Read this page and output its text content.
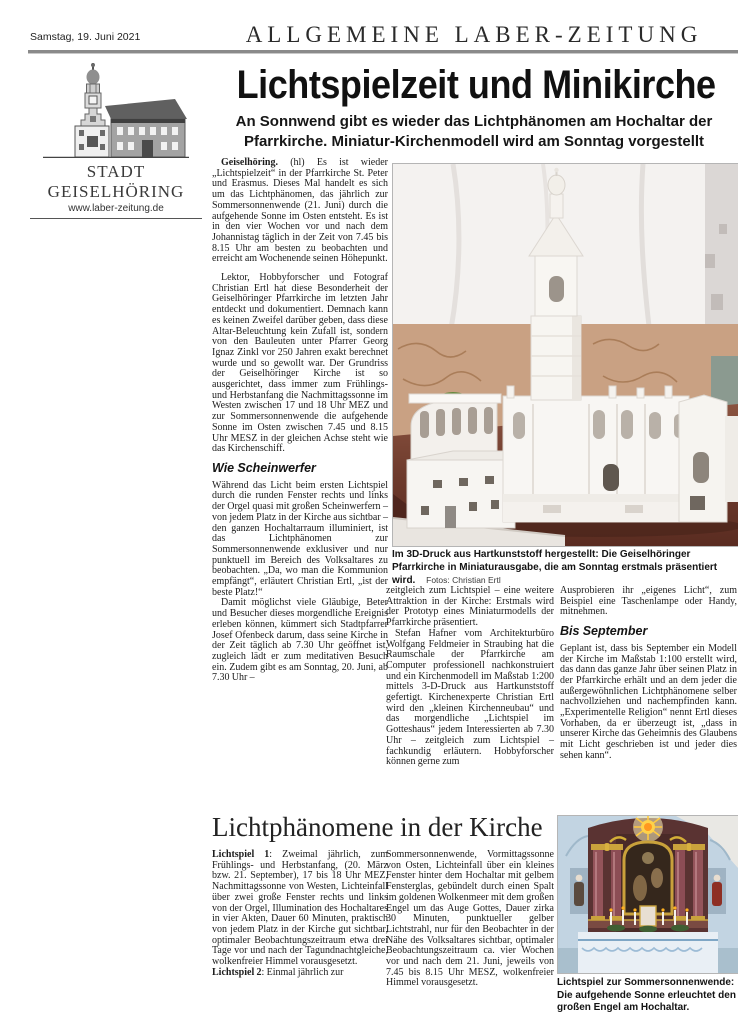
Samstag, 19. Juni 2021	ALLGEMEINE LABER-ZEITUNG
STADT GEISELHÖRING
www.laber-zeitung.de
Lichtspielzeit und Minikirche
An Sonnwend gibt es wieder das Lichtphänomen am Hochaltar der Pfarrkirche. Miniatur-Kirchenmodell wird am Sonntag vorgestellt

Geiselhöring. (hl) Es ist wieder „Lichtspielzeit“ in der Pfarrkirche St. Peter und Erasmus. Dieses Mal handelt es sich um das Lichtphänomen, das jährlich zur Sommersonnenwende (21. Juni) durch die aufgehende Sonne im Osten entsteht. Es ist in den vier Wochen vor und nach dem Johannistag täglich in der Zeit von 7.45 bis 8.15 Uhr am besten zu beobachten und erreicht am Wochenende seinen Höhepunkt.

Lektor, Hobbyforscher und Fotograf Christian Ertl hat diese Besonderheit der Geiselhöringer Pfarrkirche im letzten Jahr entdeckt und dokumentiert. Demnach kann es keinen Zweifel darüber geben, dass diese Altar-Beleuchtung kein Zufall ist, sondern von den Bauleuten unter Pfarrer Georg Ignaz Zinkl vor 250 Jahren exakt berechnet wurde und so gewollt war. Der Grundriss der Geiselhöringer Kirche ist so ausgerichtet, dass immer zum Frühlings- und Herbstanfang die Nachmittagssonne im Westen zwischen 17 und 18 Uhr MEZ und zur Sommersonnenwende die aufgehende Sonne im Osten zwischen 7.45 und 8.15 Uhr MESZ in der gleichen Achse steht wie das Kirchenschiff.

Wie Scheinwerfer

Während das Licht beim ersten Lichtspiel durch die runden Fenster rechts und links der Orgel quasi mit großen Scheinwerfern – von jedem Platz in der Kirche aus sichtbar – den ganzen Hochaltarraum illuminiert, ist das Lichtphänomen zur Sommersonnenwende exklusiver und nur punktuell im Bereich des Volksaltares zu beobachten. „Da, wo man die Kommunion empfängt“, erläutert Christian Ertl, „ist der beste Platz!“

Damit möglichst viele Gläubige, Beter und Besucher dieses morgendliche Ereignis erleben können, kümmert sich Stadtpfarrer Josef Ofenbeck darum, dass seine Kirche in der Zeit täglich ab 7.30 Uhr geöffnet ist, zugleich lädt er zum meditativen Besuch ein. Zudem gibt es am Sonntag, 20. Juni, ab 7.30 Uhr –

Im 3D-Druck aus Hartkunststoff hergestellt: Die Geiselhöringer Pfarrkirche in Miniaturausgabe, die am Sonntag erstmals präsentiert wird. Fotos: Christian Ertl

zeitgleich zum Lichtspiel – eine weitere Attraktion in der Kirche: Erstmals wird der Prototyp eines Miniaturmodells der Pfarrkirche präsentiert.

Stefan Hafner vom Architekturbüro Wolfgang Feldmeier in Straubing hat die Raumschale der Pfarrkirche am Computer professionell nachkonstruiert und ein Kirchenmodell im Maßstab 1:200 mittels 3-D-Druck aus Hartkunststoff gefertigt. Kirchenexperte Christian Ertl wird den „kleinen Kirchenneubau“ und das morgendliche „Lichtspiel im Gotteshaus“ jedem Interessierten ab 7.30 Uhr – zeitgleich zum Lichtspiel – fachkundig erläutern. Hobbyforscher können gerne zum

Ausprobieren ihr „eigenes Licht“, zum Beispiel eine Taschenlampe oder Handy, mitnehmen.

Bis September

Geplant ist, dass bis September ein Modell der Kirche im Maßstab 1:100 erstellt wird, das dann das ganze Jahr über seinen Platz in der Pfarrkirche erhält und an dem jeder die außergewöhnlichen Lichtphänomene selber nachvollziehen und nachempfinden kann. „Experimentelle Religion“ nennt Ertl dieses Vorhaben, da er überzeugt ist, „dass in unserer Kirche das Geheimnis des Glaubens mit Licht geschrieben ist und jeder dies sehen kann“.

Lichtphänomene in der Kirche

Lichtspiel 1: Zweimal jährlich, zum Frühlings- und Herbstanfang, (20. März bzw. 21. September), 17 bis 18 Uhr MEZ, Nachmittagssonne von Westen, Lichteinfall über zwei große Fenster rechts und links von der Orgel, Illumination des Hochaltares in vier Akten, Dauer 60 Minuten, praktisch von jedem Platz in der Kirche gut sichtbar, optimaler Beobachtungszeitraum etwa drei Tage vor und nach der Tagundnachtgleiche, wolkenfreier Himmel vorausgesetzt.

Lichtspiel 2: Einmal jährlich zur

Sommersonnenwende, Vormittagssonne von Osten, Lichteinfall über ein kleines Fenster hinter dem Hochaltar mit gelbem Fensterglas, gebündelt durch einen Spalt im goldenen Wolkenmeer mit dem großen Engel um das Auge Gottes, Dauer zirka 30 Minuten, punktueller gelber Lichtstrahl, nur für den Beobachter in der Nähe des Volksaltares sichtbar, optimaler Beobachtungszeitraum ca. vier Wochen vor und nach dem 21. Juni, jeweils von 7.45 bis 8.15 Uhr MESZ, wolkenfreier Himmel vorausgesetzt.	Lichtspiel zur Sommersonnenwende: Die aufgehende Sonne erleuchtet den großen Engel am Hochaltar.
